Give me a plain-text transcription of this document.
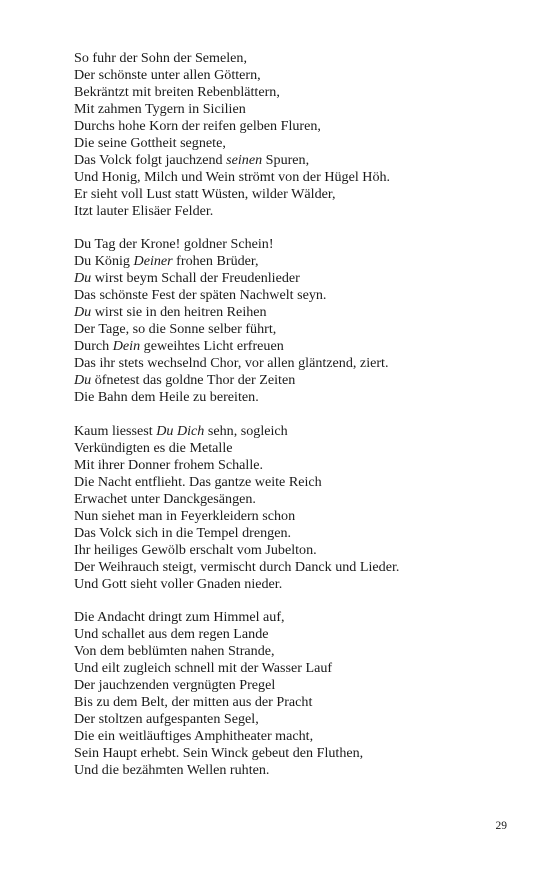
So fuhr der Sohn der Semelen,
Der schönste unter allen Göttern,
Bekräntzt mit breiten Rebenblättern,
Mit zahmen Tygern in Sicilien
Durchs hohe Korn der reifen gelben Fluren,
Die seine Gottheit segnete,
Das Volck folgt jauchzend seinen Spuren,
Und Honig, Milch und Wein strömt von der Hügel Höh.
Er sieht voll Lust statt Wüsten, wilder Wälder,
Itzt lauter Elisäer Felder.
Du Tag der Krone! goldner Schein!
Du König Deiner frohen Brüder,
Du wirst beym Schall der Freudenlieder
Das schönste Fest der späten Nachwelt seyn.
Du wirst sie in den heitren Reihen
Der Tage, so die Sonne selber führt,
Durch Dein geweihtes Licht erfreuen
Das ihr stets wechselnd Chor, vor allen gläntzend, ziert.
Du öfnetest das goldne Thor der Zeiten
Die Bahn dem Heile zu bereiten.
Kaum liessest Du Dich sehn, sogleich
Verkündigten es die Metalle
Mit ihrer Donner frohem Schalle.
Die Nacht entflieht. Das gantze weite Reich
Erwachet unter Danckgesängen.
Nun siehet man in Feyerkleidern schon
Das Volck sich in die Tempel drengen.
Ihr heiliges Gewölb erschalt vom Jubelton.
Der Weihrauch steigt, vermischt durch Danck und Lieder.
Und Gott sieht voller Gnaden nieder.
Die Andacht dringt zum Himmel auf,
Und schallet aus dem regen Lande
Von dem beblümten nahen Strande,
Und eilt zugleich schnell mit der Wasser Lauf
Der jauchzenden vergnügten Pregel
Bis zu dem Belt, der mitten aus der Pracht
Der stoltzen aufgespanten Segel,
Die ein weitläuftiges Amphitheater macht,
Sein Haupt erhebt. Sein Winck gebeut den Fluthen,
Und die bezähmten Wellen ruhten.
29
